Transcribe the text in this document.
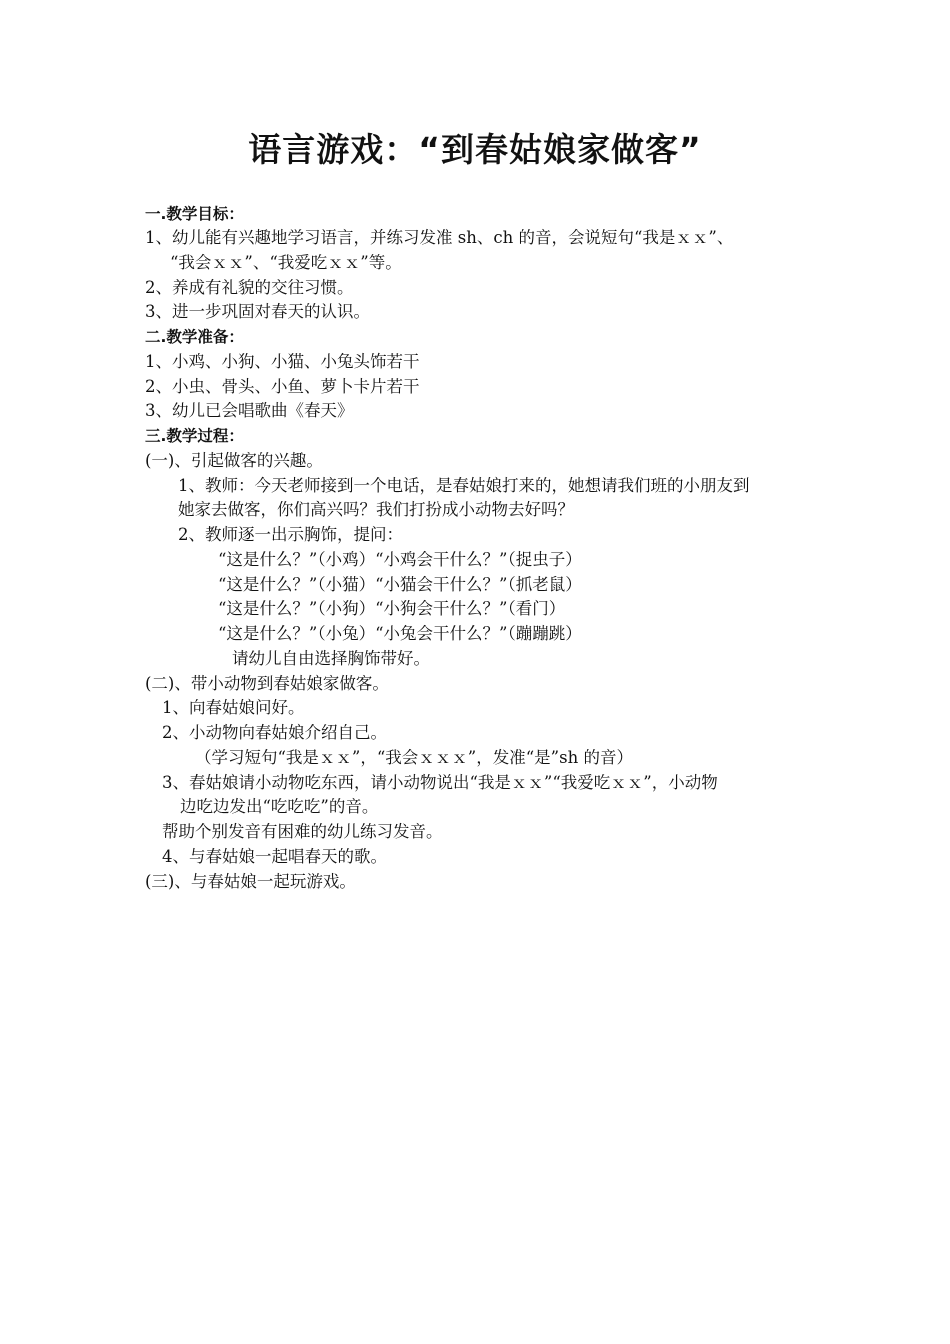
语言游戏：“到春姑娘家做客”
一.教学目标：
1、幼儿能有兴趣地学习语言，并练习发准 sh、ch 的音，会说短句“我是ｘｘ”、
“我会ｘｘ”、“我爱吃ｘｘ”等。
2、养成有礼貌的交往习惯。
3、进一步巩固对春天的认识。
二.教学准备：
1、小鸡、小狗、小猫、小兔头饰若干
2、小虫、骨头、小鱼、萝卜卡片若干
3、幼儿已会唱歌曲《春天》
三.教学过程：
(一)、引起做客的兴趣。
1、教师：今天老师接到一个电话，是春姑娘打来的，她想请我们班的小朋友到
她家去做客，你们高兴吗？我们打扮成小动物去好吗？
2、教师逐一出示胸饰，提问：
“这是什么？”（小鸡）“小鸡会干什么？”（捉虫子）
“这是什么？”（小猫）“小猫会干什么？”（抓老鼠）
“这是什么？”（小狗）“小狗会干什么？”（看门）
“这是什么？”（小兔）“小兔会干什么？”（蹦蹦跳）
请幼儿自由选择胸饰带好。
(二)、带小动物到春姑娘家做客。
1、向春姑娘问好。
2、小动物向春姑娘介绍自己。
（学习短句“我是ｘｘ”，“我会ｘｘｘ”，发准“是”sh 的音）
3、春姑娘请小动物吃东西，请小动物说出“我是ｘｘ”“我爱吃ｘｘ”，小动物
边吃边发出“吃吃吃”的音。
帮助个别发音有困难的幼儿练习发音。
4、与春姑娘一起唱春天的歌。
(三)、与春姑娘一起玩游戏。
